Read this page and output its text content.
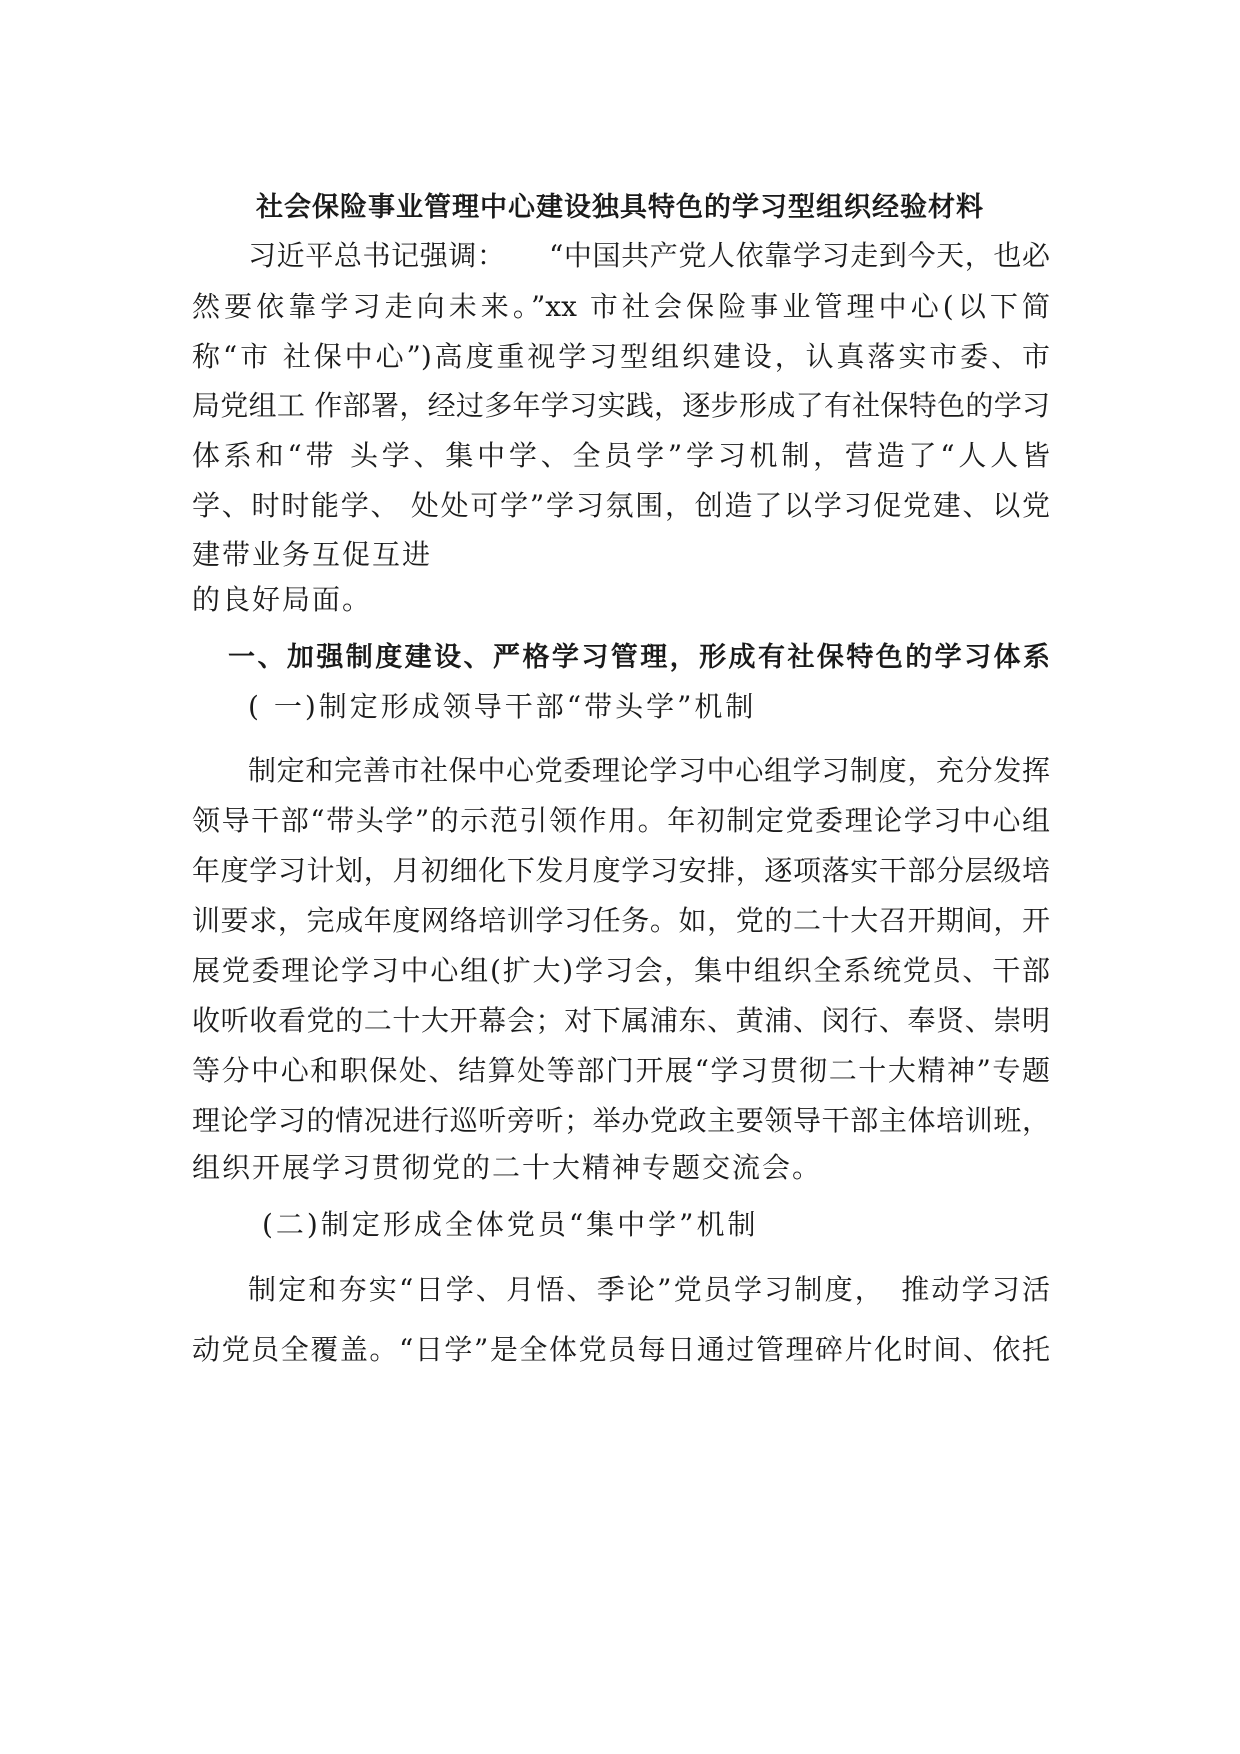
社会保险事业管理中心建设独具特色的学习型组织经验材料
习近平总书记强调：　　“中国共产党人依靠学习走到今天，也必
然要依靠学习走向未来。”xx 市社会保险事业管理中心(以下简
称“市 社保中心”)高度重视学习型组织建设，认真落实市委、市
局党组工 作部署，经过多年学习实践，逐步形成了有社保特色的学习
体系和“带 头学、集中学、全员学”学习机制，营造了“人人皆
学、时时能学、 处处可学”学习氛围，创造了以学习促党建、以党
建带业务互促互进
的良好局面。
一、加强制度建设、严格学习管理，形成有社保特色的学习体系
( 一)制定形成领导干部“带头学”机制
制定和完善市社保中心党委理论学习中心组学习制度，充分发挥
领导干部“带头学”的示范引领作用。年初制定党委理论学习中心组
年度学习计划，月初细化下发月度学习安排，逐项落实干部分层级培
训要求，完成年度网络培训学习任务。如，党的二十大召开期间，开
展党委理论学习中心组(扩大)学习会，集中组织全系统党员、干部
收听收看党的二十大开幕会；对下属浦东、黄浦、闵行、奉贤、崇明
等分中心和职保处、结算处等部门开展“学习贯彻二十大精神”专题
理论学习的情况进行巡听旁听；举办党政主要领导干部主体培训班，
组织开展学习贯彻党的二十大精神专题交流会。
(二)制定形成全体党员“集中学”机制
制定和夯实“日学、月悟、季论”党员学习制度，　推动学习活
动党员全覆盖。“日学”是全体党员每日通过管理碎片化时间、依托
